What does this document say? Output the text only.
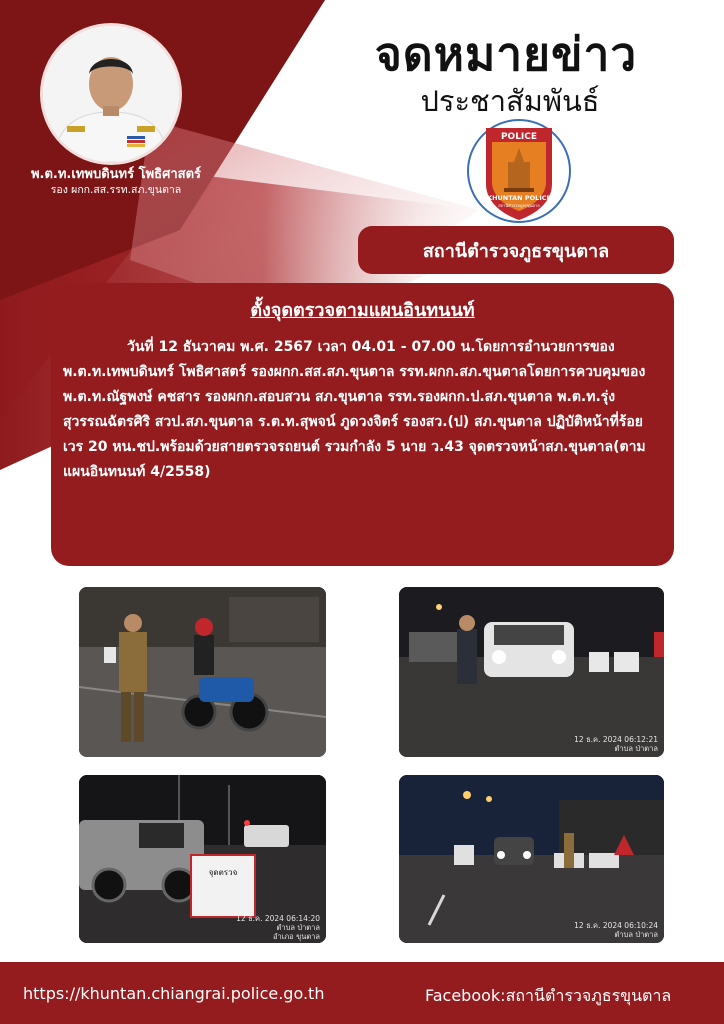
พ.ต.ท.เทพบดินทร์ โพธิศาสตร์
รอง ผกก.สส.รรท.สภ.ขุนตาล
จดหมายข่าว
ประชาสัมพันธ์
POLICE
KHUNTAN POLICE
สถานีตำรวจภูธรขุนตาล
สถานีตำรวจภูธรขุนตาล
ตั้งจุดตรวจตามแผนอินทนนท์
วันที่ 12 ธันวาคม พ.ศ. 2567 เวลา 04.01 - 07.00 น.โดยการอำนวยการของพ.ต.ท.เทพบดินทร์ โพธิศาสตร์ รองผกก.สส.สภ.ขุนตาล รรท.ผกก.สภ.ขุนตาลโดยการควบคุมของพ.ต.ท.ณัฐพงษ์ คชสาร รองผกก.สอบสวน สภ.ขุนตาล รรท.รองผกก.ป.สภ.ขุนตาล พ.ต.ท.รุ่ง สุวรรณฉัตรศิริ สวป.สภ.ขุนตาล ร.ต.ท.สุพจน์ ภูดวงจิตร์ รองสว.(ป) สภ.ขุนตาล ปฏิบัติหน้าที่ร้อยเวร 20 หน.ชป.พร้อมด้วยสายตรวจรถยนต์ รวมกำลัง 5 นาย ว.43 จุดตรวจหน้าสภ.ขุนตาล(ตามแผนอินทนนท์ 4/2558)
12 ธ.ค. 2024 06:12:21
ตำบล ป่าตาล
จุดตรวจ
12 ธ.ค. 2024 06:14:20
ตำบล ป่าตาล
อำเภอ ขุนตาล
12 ธ.ค. 2024 06:10:24
ตำบล ป่าตาล
https://khuntan.chiangrai.police.go.th	Facebook:สถานีตำรวจภูธรขุนตาล
